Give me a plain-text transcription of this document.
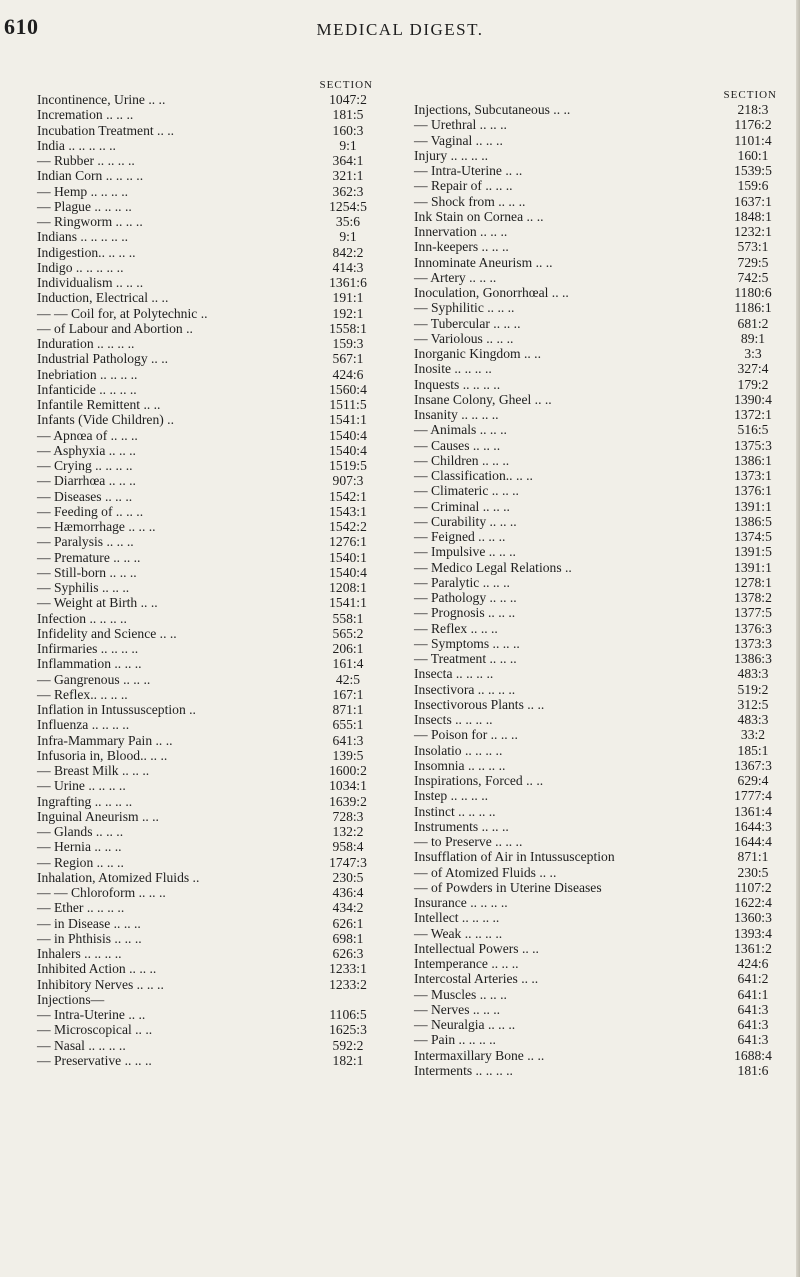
610	MEDICAL DIGEST.
SECTION
Incontinence, Urine .. ..	1047:2
Incremation .. .. ..	181:5
Incubation Treatment .. ..	160:3
India .. .. .. .. ..	9:1
— Rubber .. .. .. ..	364:1
Indian Corn .. .. .. ..	321:1
— Hemp .. .. .. ..	362:3
— Plague .. .. .. ..	1254:5
— Ringworm .. .. ..	35:6
Indians .. .. .. .. ..	9:1
Indigestion.. .. .. ..	842:2
Indigo .. .. .. .. ..	414:3
Individualism .. .. ..	1361:6
Induction, Electrical .. ..	191:1
— — Coil for, at Polytechnic ..	192:1
— of Labour and Abortion ..	1558:1
Induration .. .. .. ..	159:3
Industrial Pathology .. ..	567:1
Inebriation .. .. .. ..	424:6
Infanticide .. .. .. ..	1560:4
Infantile Remittent .. ..	1511:5
Infants (Vide Children) ..	1541:1
— Apnœa of .. .. ..	1540:4
— Asphyxia .. .. ..	1540:4
— Crying .. .. .. ..	1519:5
— Diarrhœa .. .. ..	907:3
— Diseases .. .. ..	1542:1
— Feeding of .. .. ..	1543:1
— Hæmorrhage .. .. ..	1542:2
— Paralysis .. .. ..	1276:1
— Premature .. .. ..	1540:1
— Still-born .. .. ..	1540:4
— Syphilis .. .. ..	1208:1
— Weight at Birth .. ..	1541:1
Infection .. .. .. ..	558:1
Infidelity and Science .. ..	565:2
Infirmaries .. .. .. ..	206:1
Inflammation .. .. ..	161:4
— Gangrenous .. .. ..	42:5
— Reflex.. .. .. ..	167:1
Inflation in Intussusception ..	871:1
Influenza .. .. .. ..	655:1
Infra-Mammary Pain .. ..	641:3
Infusoria in, Blood.. .. ..	139:5
— Breast Milk .. .. ..	1600:2
— Urine .. .. .. ..	1034:1
Ingrafting .. .. .. ..	1639:2
Inguinal Aneurism .. ..	728:3
— Glands .. .. ..	132:2
— Hernia .. .. ..	958:4
— Region .. .. ..	1747:3
Inhalation, Atomized Fluids ..	230:5
— — Chloroform .. .. ..	436:4
— Ether .. .. .. ..	434:2
— in Disease .. .. ..	626:1
— in Phthisis .. .. ..	698:1
Inhalers .. .. .. ..	626:3
Inhibited Action .. .. ..	1233:1
Inhibitory Nerves .. .. ..	1233:2
Injections—
— Intra-Uterine .. ..	1106:5
— Microscopical .. ..	1625:3
— Nasal .. .. .. ..	592:2
— Preservative .. .. ..	182:1
SECTION
Injections, Subcutaneous .. ..	218:3
— Urethral .. .. ..	1176:2
— Vaginal .. .. ..	1101:4
Injury .. .. .. ..	160:1
— Intra-Uterine .. ..	1539:5
— Repair of .. .. ..	159:6
— Shock from .. .. ..	1637:1
Ink Stain on Cornea .. ..	1848:1
Innervation .. .. ..	1232:1
Inn-keepers .. .. ..	573:1
Innominate Aneurism .. ..	729:5
— Artery .. .. ..	742:5
Inoculation, Gonorrhœal .. ..	1180:6
— Syphilitic .. .. ..	1186:1
— Tubercular .. .. ..	681:2
— Variolous .. .. ..	89:1
Inorganic Kingdom .. ..	3:3
Inosite .. .. .. ..	327:4
Inquests .. .. .. ..	179:2
Insane Colony, Gheel .. ..	1390:4
Insanity .. .. .. ..	1372:1
— Animals .. .. ..	516:5
— Causes .. .. ..	1375:3
— Children .. .. ..	1386:1
— Classification.. .. ..	1373:1
— Climateric .. .. ..	1376:1
— Criminal .. .. ..	1391:1
— Curability .. .. ..	1386:5
— Feigned .. .. ..	1374:5
— Impulsive .. .. ..	1391:5
— Medico Legal Relations ..	1391:1
— Paralytic .. .. ..	1278:1
— Pathology .. .. ..	1378:2
— Prognosis .. .. ..	1377:5
— Reflex .. .. ..	1376:3
— Symptoms .. .. ..	1373:3
— Treatment .. .. ..	1386:3
Insecta .. .. .. ..	483:3
Insectivora .. .. .. ..	519:2
Insectivorous Plants .. ..	312:5
Insects .. .. .. ..	483:3
— Poison for .. .. ..	33:2
Insolatio .. .. .. ..	185:1
Insomnia .. .. .. ..	1367:3
Inspirations, Forced .. ..	629:4
Instep .. .. .. ..	1777:4
Instinct .. .. .. ..	1361:4
Instruments .. .. ..	1644:3
— to Preserve .. .. ..	1644:4
Insufflation of Air in Intussusception	871:1
— of Atomized Fluids .. ..	230:5
— of Powders in Uterine Diseases	1107:2
Insurance .. .. .. ..	1622:4
Intellect .. .. .. ..	1360:3
— Weak .. .. .. ..	1393:4
Intellectual Powers .. ..	1361:2
Intemperance .. .. ..	424:6
Intercostal Arteries .. ..	641:2
— Muscles .. .. ..	641:1
— Nerves .. .. ..	641:3
— Neuralgia .. .. ..	641:3
— Pain .. .. .. ..	641:3
Intermaxillary Bone .. ..	1688:4
Interments .. .. .. ..	181:6
